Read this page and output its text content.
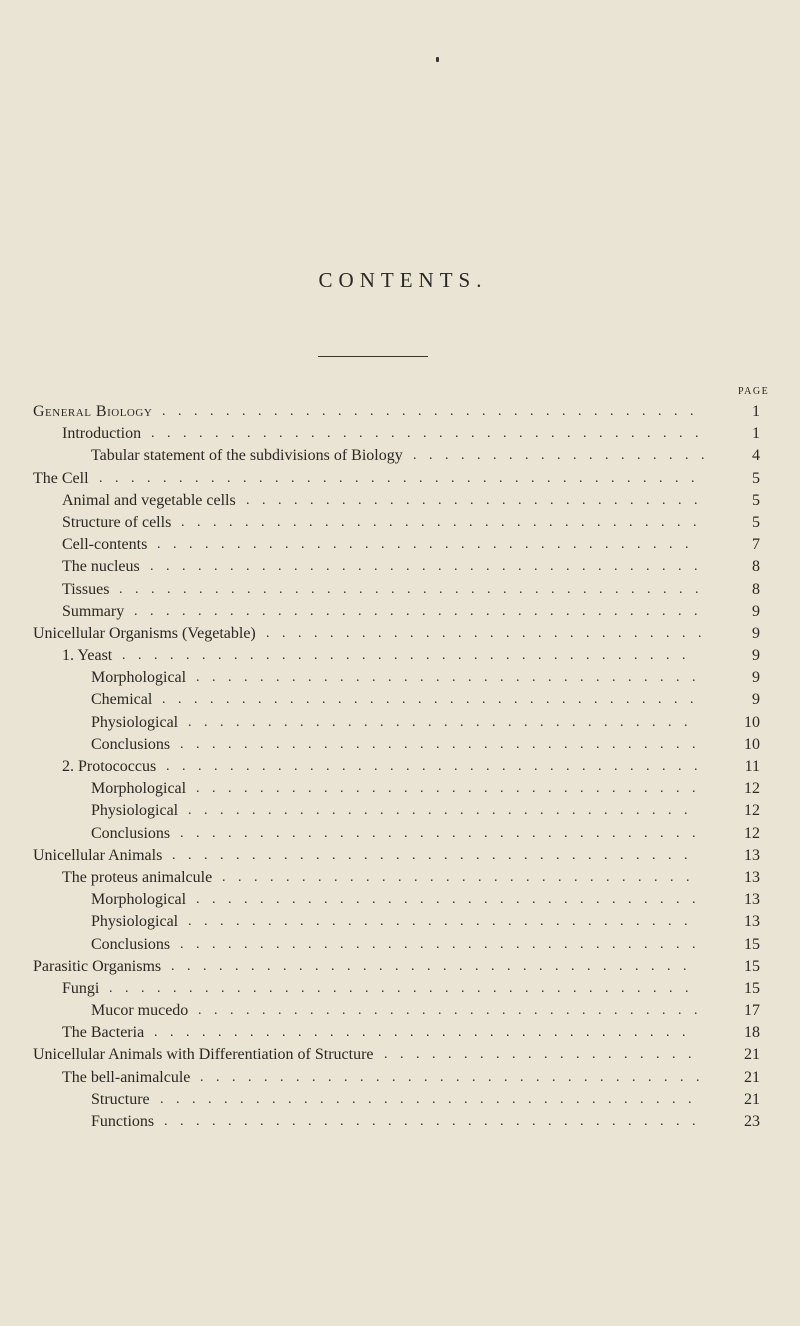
CONTENTS.
PAGE
General Biology ..................................	1
Introduction ...................................	1
Tabular statement of the subdivisions of Biology ...................	4
The Cell ......................................	5
Animal and vegetable cells .............................	5
Structure of cells .................................	5
Cell-contents ..................................	7
The nucleus ...................................	8
Tissues .....................................	8
Summary ....................................	9
Unicellular Organisms (Vegetable) ............................	9
1. Yeast ....................................	9
Morphological ................................	9
Chemical ..................................	9
Physiological ................................	10
Conclusions .................................	10
2. Protococcus ..................................	11
Morphological ................................	12
Physiological ................................	12
Conclusions .................................	12
Unicellular Animals .................................	13
The proteus animalcule ..............................	13
Morphological ................................	13
Physiological ................................	13
Conclusions .................................	15
Parasitic Organisms .................................	15
Fungi .....................................	15
Mucor mucedo ................................	17
The Bacteria ..................................	18
Unicellular Animals with Differentiation of Structure ....................	21
The bell-animalcule ................................	21
Structure ..................................	21
Functions ..................................	23
